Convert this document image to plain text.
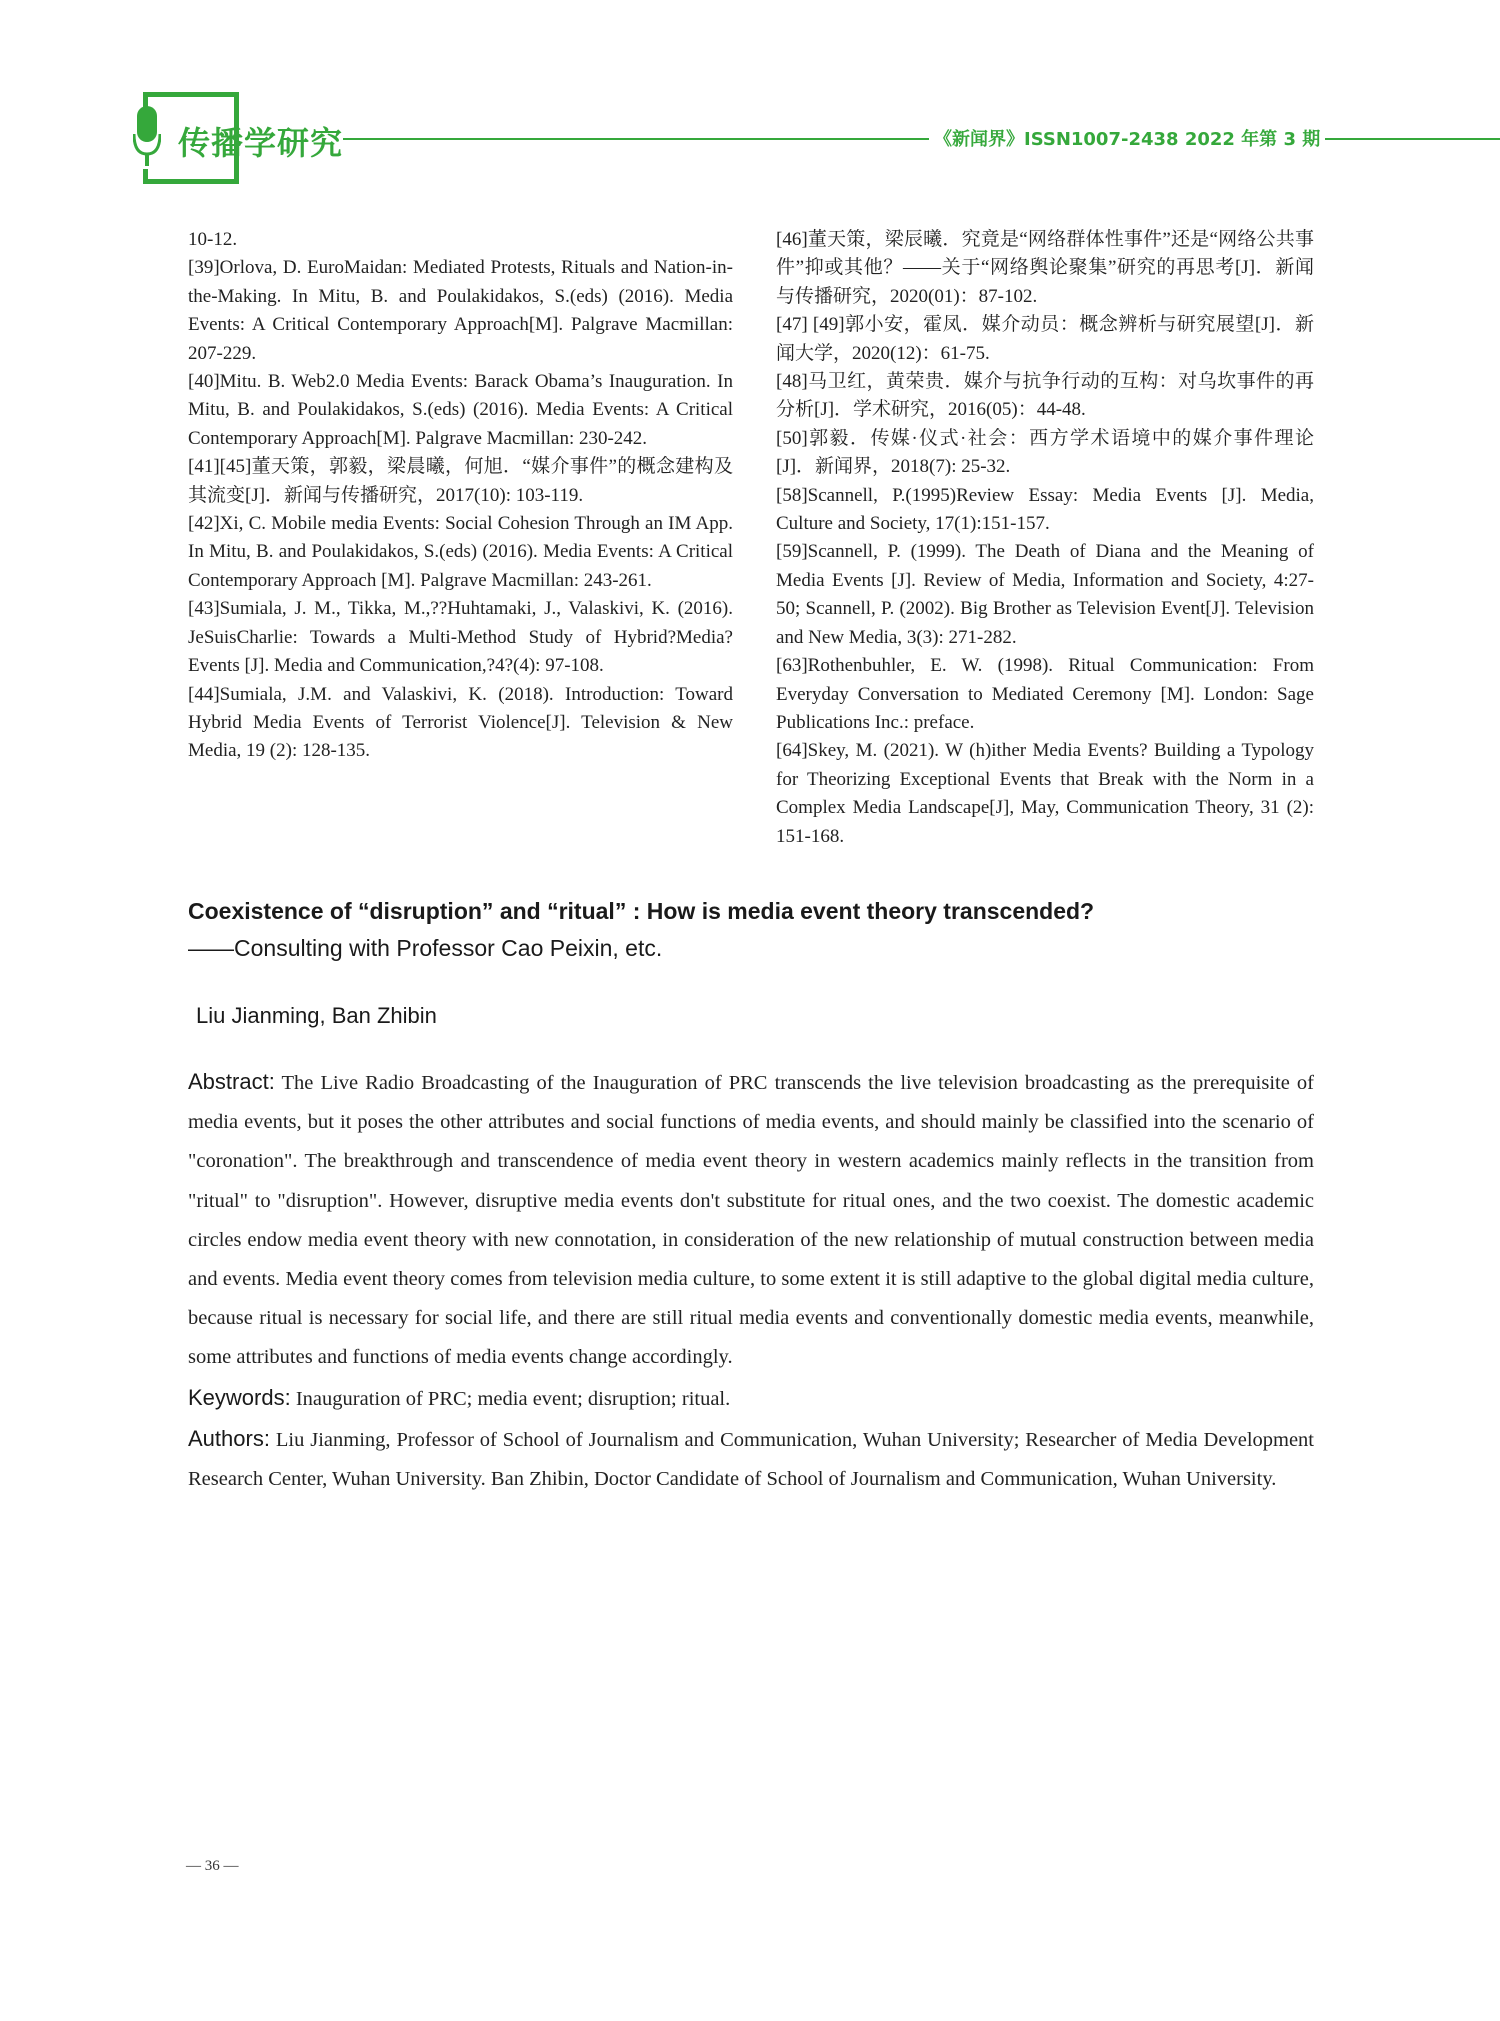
传播学研究	《新闻界》ISSN1007-2438 2022 年第 3 期

10-12.

[39]Orlova, D. EuroMaidan: Mediated Protests, Rituals and Nation-in-the-Making. In Mitu, B. and Poulakidakos, S.(eds) (2016). Media Events: A Critical Contemporary Approach[M]. Palgrave Macmillan: 207-229.

[40]Mitu. B. Web2.0 Media Events: Barack Obama’s Inauguration. In Mitu, B. and Poulakidakos, S.(eds) (2016). Media Events: A Critical Contemporary Approach[M]. Palgrave Macmillan: 230-242.

[41][45]董天策，郭毅，梁晨曦，何旭．“媒介事件”的概念建构及其流变[J]．新闻与传播研究，2017(10): 103-119.

[42]Xi, C. Mobile media Events: Social Cohesion Through an IM App. In Mitu, B. and Poulakidakos, S.(eds) (2016). Media Events: A Critical Contemporary Approach [M]. Palgrave Macmillan: 243-261.

[43]Sumiala, J. M., Tikka, M.,??Huhtamaki, J., Valaskivi, K. (2016). JeSuisCharlie: Towards a Multi-Method Study of Hybrid?Media?Events [J]. Media and Communication,?4?(4): 97-108.

[44]Sumiala, J.M. and Valaskivi, K. (2018). Introduction: Toward Hybrid Media Events of Terrorist Violence[J]. Television & New Media, 19 (2): 128-135.

[46]董天策，梁辰曦．究竟是“网络群体性事件”还是“网络公共事件”抑或其他？——关于“网络舆论聚集”研究的再思考[J]．新闻与传播研究，2020(01)：87-102.

[47] [49]郭小安，霍凤．媒介动员：概念辨析与研究展望[J]．新闻大学，2020(12)：61-75.

[48]马卫红，黄荣贵．媒介与抗争行动的互构：对乌坎事件的再分析[J]．学术研究，2016(05)：44-48.

[50]郭毅．传媒·仪式·社会：西方学术语境中的媒介事件理论[J]．新闻界，2018(7): 25-32.

[58]Scannell, P.(1995)Review Essay: Media Events [J]. Media, Culture and Society, 17(1):151-157.

[59]Scannell, P. (1999). The Death of Diana and the Meaning of Media Events [J]. Review of Media, Information and Society, 4:27-50; Scannell, P. (2002). Big Brother as Television Event[J]. Television and New Media, 3(3): 271-282.

[63]Rothenbuhler, E. W. (1998). Ritual Communication: From Everyday Conversation to Mediated Ceremony [M]. London: Sage Publications Inc.: preface.

[64]Skey, M. (2021). W (h)ither Media Events? Building a Typology for Theorizing Exceptional Events that Break with the Norm in a Complex Media Landscape[J], May, Communication Theory, 31 (2): 151-168.

Coexistence of “disruption” and “ritual” : How is media event theory transcended?

——Consulting with Professor Cao Peixin, etc.

Liu Jianming, Ban Zhibin

Abstract: The Live Radio Broadcasting of the Inauguration of PRC transcends the live television broadcasting as the prerequisite of media events, but it poses the other attributes and social functions of media events, and should mainly be classified into the scenario of "coronation". The breakthrough and transcendence of media event theory in western academics mainly reflects in the transition from "ritual" to "disruption". However, disruptive media events don't substitute for ritual ones, and the two coexist. The domestic academic circles endow media event theory with new connotation, in consideration of the new relationship of mutual construction between media and events. Media event theory comes from television media culture, to some extent it is still adaptive to the global digital media culture, because ritual is necessary for social life, and there are still ritual media events and conventionally domestic media events, meanwhile, some attributes and functions of media events change accordingly.

Keywords: Inauguration of PRC; media event; disruption; ritual.

Authors: Liu Jianming, Professor of School of Journalism and Communication, Wuhan University; Researcher of Media Development Research Center, Wuhan University. Ban Zhibin, Doctor Candidate of School of Journalism and Communication, Wuhan University.

— 36 —
